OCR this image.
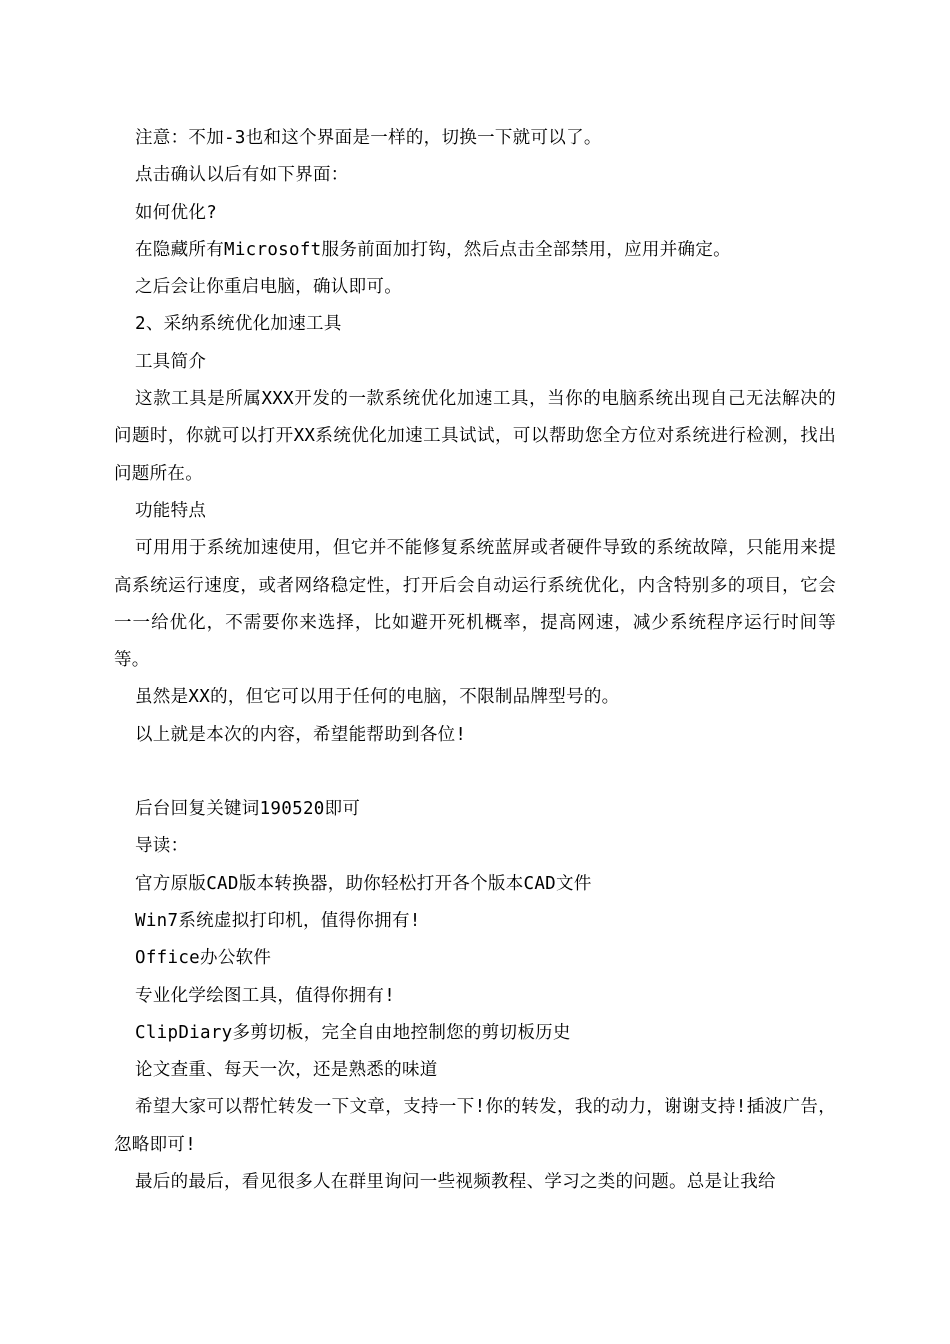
注意：不加-3也和这个界面是一样的，切换一下就可以了。

点击确认以后有如下界面：

如何优化?

在隐藏所有Microsoft服务前面加打钩，然后点击全部禁用，应用并确定。

之后会让你重启电脑，确认即可。

2、采纳系统优化加速工具

工具简介

这款工具是所属XXX开发的一款系统优化加速工具，当你的电脑系统出现自己无法解决的问题时，你就可以打开XX系统优化加速工具试试，可以帮助您全方位对系统进行检测，找出问题所在。

功能特点

可用用于系统加速使用，但它并不能修复系统蓝屏或者硬件导致的系统故障，只能用来提高系统运行速度，或者网络稳定性，打开后会自动运行系统优化，内含特别多的项目，它会一一给优化，不需要你来选择，比如避开死机概率，提高网速，减少系统程序运行时间等等。

虽然是XX的，但它可以用于任何的电脑，不限制品牌型号的。

以上就是本次的内容，希望能帮助到各位!

后台回复关键词190520即可

导读：

官方原版CAD版本转换器，助你轻松打开各个版本CAD文件

Win7系统虚拟打印机，值得你拥有!

Office办公软件

专业化学绘图工具，值得你拥有!

ClipDiary多剪切板，完全自由地控制您的剪切板历史

论文查重、每天一次，还是熟悉的味道

希望大家可以帮忙转发一下文章，支持一下!你的转发，我的动力，谢谢支持!插波广告，忽略即可!

最后的最后，看见很多人在群里询问一些视频教程、学习之类的问题。总是让我给
